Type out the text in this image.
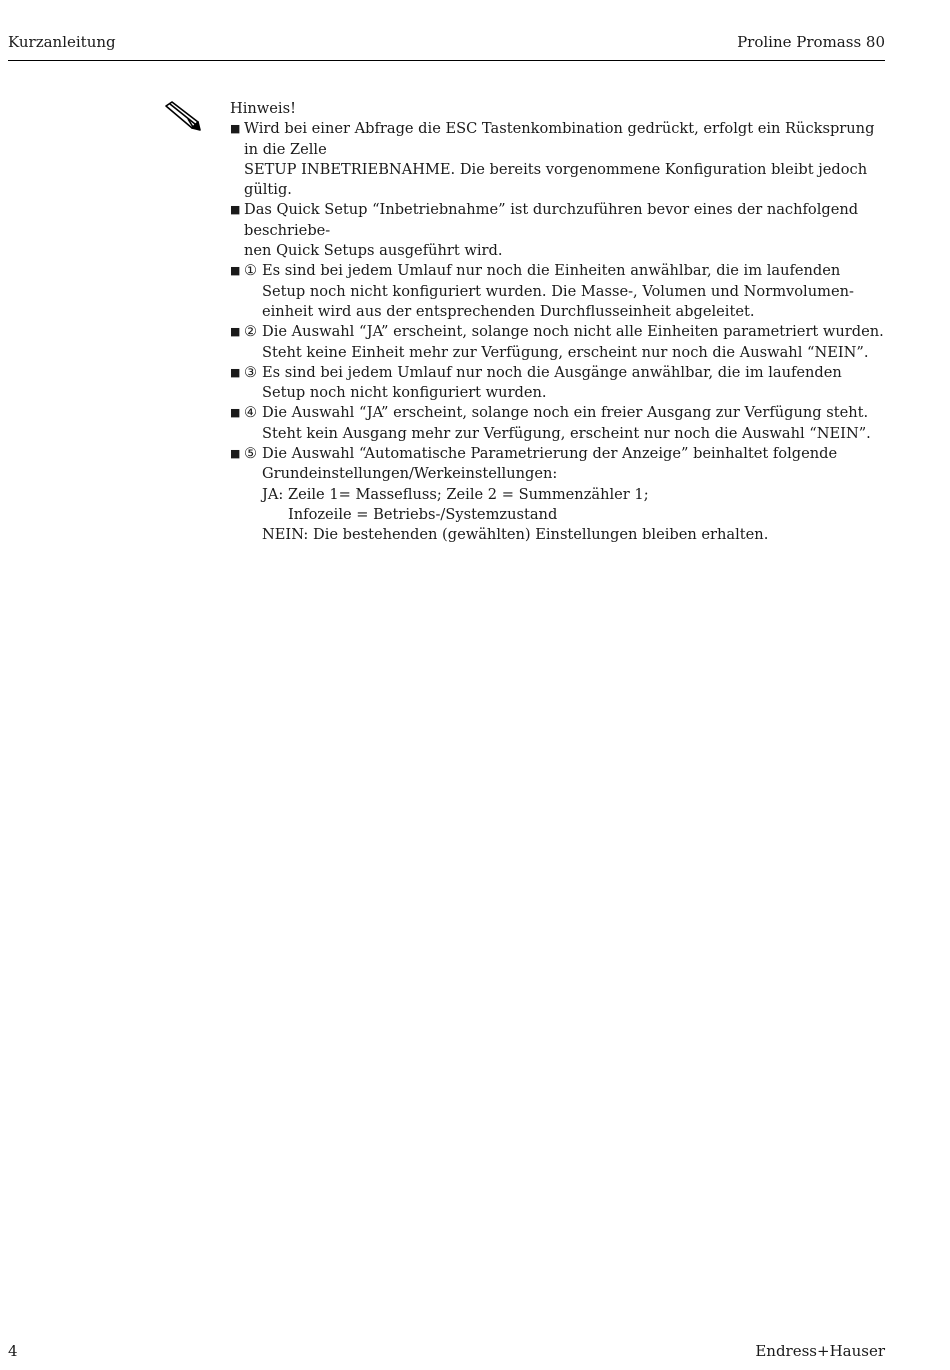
Kurzanleitung	Proline Promass 80

Hinweis!

■ Wird bei einer Abfrage die ESC Tastenkombination gedrückt, erfolgt ein Rücksprung in die Zelle
SETUP INBETRIEBNAHME. Die bereits vorgenommene Konfiguration bleibt jedoch gültig.
■ Das Quick Setup “Inbetriebnahme” ist durchzuführen bevor eines der nachfolgend beschriebe-
nen Quick Setups ausgeführt wird.
■ ① Es sind bei jedem Umlauf nur noch die Einheiten anwählbar, die im laufenden
Setup noch nicht konfiguriert wurden. Die Masse-, Volumen und Normvolumen-
einheit wird aus der entsprechenden Durchflusseinheit abgeleitet.
■ ② Die Auswahl “JA” erscheint, solange noch nicht alle Einheiten parametriert wurden.
Steht keine Einheit mehr zur Verfügung, erscheint nur noch die Auswahl “NEIN”.
■ ③ Es sind bei jedem Umlauf nur noch die Ausgänge anwählbar, die im laufenden
Setup noch nicht konfiguriert wurden.
■ ④ Die Auswahl “JA” erscheint, solange noch ein freier Ausgang zur Verfügung steht.
Steht kein Ausgang mehr zur Verfügung, erscheint nur noch die Auswahl “NEIN”.
■ ⑤ Die Auswahl “Automatische Parametrierung der Anzeige” beinhaltet folgende
Grundeinstellungen/Werkeinstellungen:
JA: Zeile 1= Massefluss; Zeile 2 = Summenzähler 1;
Infozeile = Betriebs-/Systemzustand
NEIN: Die bestehenden (gewählten) Einstellungen bleiben erhalten.
4	Endress+Hauser
